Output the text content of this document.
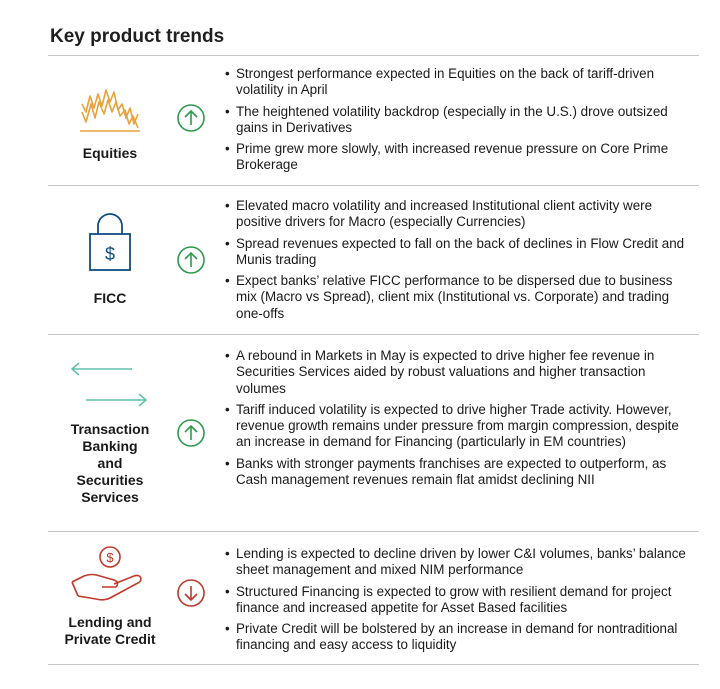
Key product trends
Equities
• Strongest performance expected in Equities on the back of tariff-driven volatility in April
• The heightened volatility backdrop (especially in the U.S.) drove outsized gains in Derivatives
• Prime grew more slowly, with increased revenue pressure on Core Prime Brokerage
$
FICC
• Elevated macro volatility and increased Institutional client activity were positive drivers for Macro (especially Currencies)
• Spread revenues expected to fall on the back of declines in Flow Credit and Munis trading
• Expect banks’ relative FICC performance to be dispersed due to business mix (Macro vs Spread), client mix (Institutional vs. Corporate) and trading one-offs
Transaction
Banking
and
Securities
Services
• A rebound in Markets in May is expected to drive higher fee revenue in Securities Services aided by robust valuations and higher transaction volumes
• Tariff induced volatility is expected to drive higher Trade activity. However, revenue growth remains under pressure from margin compression, despite an increase in demand for Financing (particularly in EM countries)
• Banks with stronger payments franchises are expected to outperform, as Cash management revenues remain flat amidst declining NII
$
Lending and
Private Credit
• Lending is expected to decline driven by lower C&I volumes, banks’ balance sheet management and mixed NIM performance
• Structured Financing is expected to grow with resilient demand for project finance and increased appetite for Asset Based facilities
• Private Credit will be bolstered by an increase in demand for nontraditional financing and easy access to liquidity
